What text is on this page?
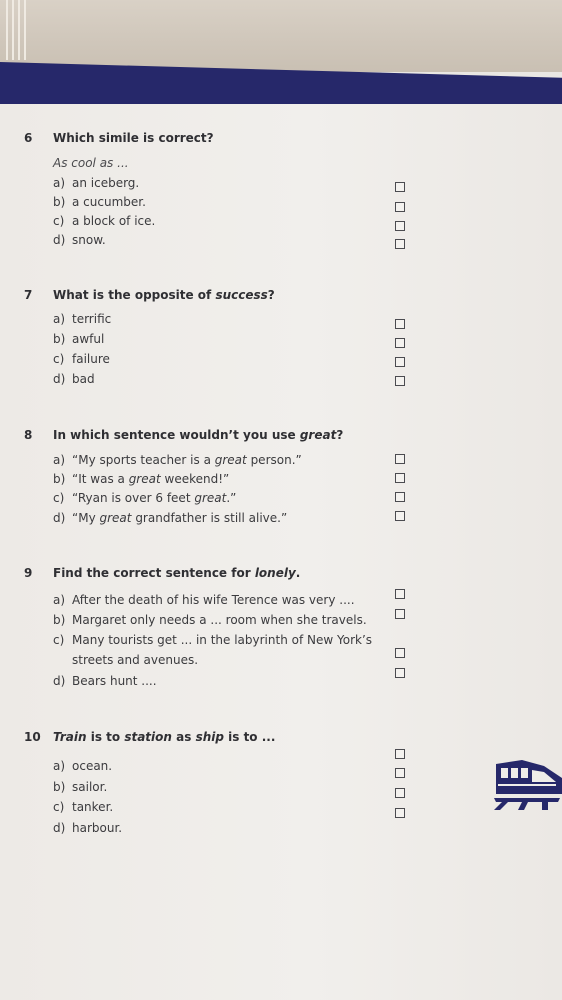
6 Which simile is correct?
As cool as ...
a) an iceberg.
b) a cucumber.
c) a block of ice.
d) snow.
7 What is the opposite of success?
a) terrific
b) awful
c) failure
d) bad
8 In which sentence wouldn’t you use great?
a) “My sports teacher is a great person.”
b) “It was a great weekend!”
c) “Ryan is over 6 feet great.”
d) “My great grandfather is still alive.”
9 Find the correct sentence for lonely.
a) After the death of his wife Terence was very ....
b) Margaret only needs a ... room when she travels.
c) Many tourists get ... in the labyrinth of New York’s
streets and avenues.
d) Bears hunt ....
10 Train is to station as ship is to ...
a) ocean.
b) sailor.
c) tanker.
d) harbour.
